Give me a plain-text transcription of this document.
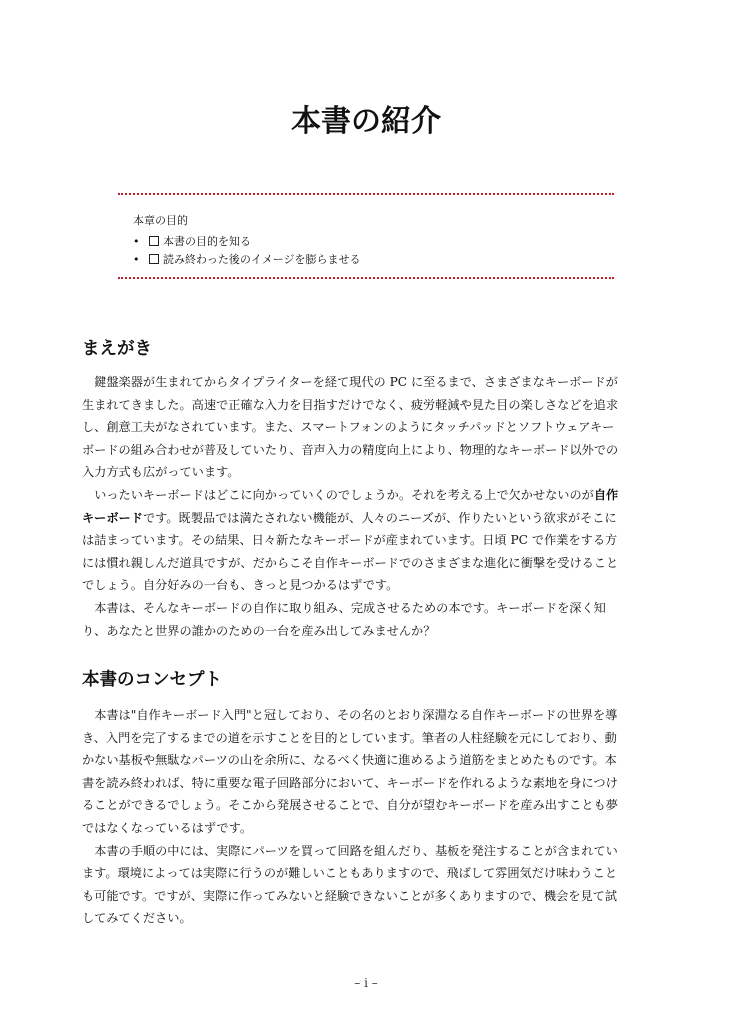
本書の紹介
本章の目的
• 本書の目的を知る
• 読み終わった後のイメージを膨らませる
まえがき

鍵盤楽器が生まれてからタイプライターを経て現代の PC に至るまで、さまざまなキーボードが
生まれてきました。高速で正確な入力を目指すだけでなく、疲労軽減や見た目の楽しさなどを追求
し、創意工夫がなされています。また、スマートフォンのようにタッチパッドとソフトウェアキー
ボードの組み合わせが普及していたり、音声入力の精度向上により、物理的なキーボード以外での
入力方式も広がっています。

いったいキーボードはどこに向かっていくのでしょうか。それを考える上で欠かせないのが自作
キーボードです。既製品では満たされない機能が、人々のニーズが、作りたいという欲求がそこに
は詰まっています。その結果、日々新たなキーボードが産まれています。日頃 PC で作業をする方
には慣れ親しんだ道具ですが、だからこそ自作キーボードでのさまざまな進化に衝撃を受けること
でしょう。自分好みの一台も、きっと見つかるはずです。

本書は、そんなキーボードの自作に取り組み、完成させるための本です。キーボードを深く知
り、あなたと世界の誰かのための一台を産み出してみませんか？

本書のコンセプト

本書は"自作キーボード入門"と冠しており、その名のとおり深淵なる自作キーボードの世界を導
き、入門を完了するまでの道を示すことを目的としています。筆者の人柱経験を元にしており、動
かない基板や無駄なパーツの山を余所に、なるべく快適に進めるよう道筋をまとめたものです。本
書を読み終われば、特に重要な電子回路部分において、キーボードを作れるような素地を身につけ
ることができるでしょう。そこから発展させることで、自分が望むキーボードを産み出すことも夢
ではなくなっているはずです。

本書の手順の中には、実際にパーツを買って回路を組んだり、基板を発注することが含まれてい
ます。環境によっては実際に行うのが難しいこともありますので、飛ばして雰囲気だけ味わうこと
も可能です。ですが、実際に作ってみないと経験できないことが多くありますので、機会を見て試
してみてください。

– i –
